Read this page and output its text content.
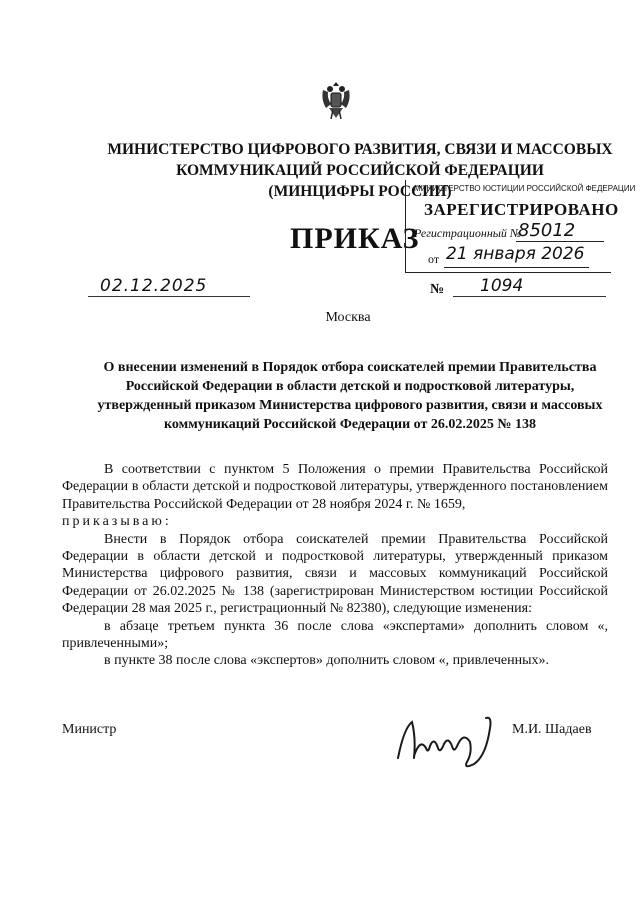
МИНИСТЕРСТВО ЦИФРОВОГО РАЗВИТИЯ, СВЯЗИ И МАССОВЫХ
КОММУНИКАЦИЙ РОССИЙСКОЙ ФЕДЕРАЦИИ
(МИНЦИФРЫ РОССИИ)
ПРИКАЗ
МИНИСТЕРСТВО ЮСТИЦИИ РОССИЙСКОЙ ФЕДЕРАЦИИ
ЗАРЕГИСТРИРОВАНО
Регистрационный №
85012
от 21 января 2026
02.12.2025	№ 1094
Москва
О внесении изменений в Порядок отбора соискателей премии Правительства Российской Федерации в области детской и подростковой литературы, утвержденный приказом Министерства цифрового развития, связи и массовых коммуникаций Российской Федерации от 26.02.2025 № 138

В соответствии с пунктом 5 Положения о премии Правительства Российской Федерации в области детской и подростковой литературы, утвержденного постановлением Правительства Российской Федерации от 28 ноября 2024 г. № 1659,

приказываю:

Внести в Порядок отбора соискателей премии Правительства Российской Федерации в области детской и подростковой литературы, утвержденный приказом Министерства цифрового развития, связи и массовых коммуникаций Российской Федерации от 26.02.2025 № 138 (зарегистрирован Министерством юстиции Российской Федерации 28 мая 2025 г., регистрационный № 82380), следующие изменения:

в абзаце третьем пункта 36 после слова «экспертами» дополнить словом «, привлеченными»;

в пункте 38 после слова «экспертов» дополнить словом «, привлеченных».

Министр	М.И. Шадаев
